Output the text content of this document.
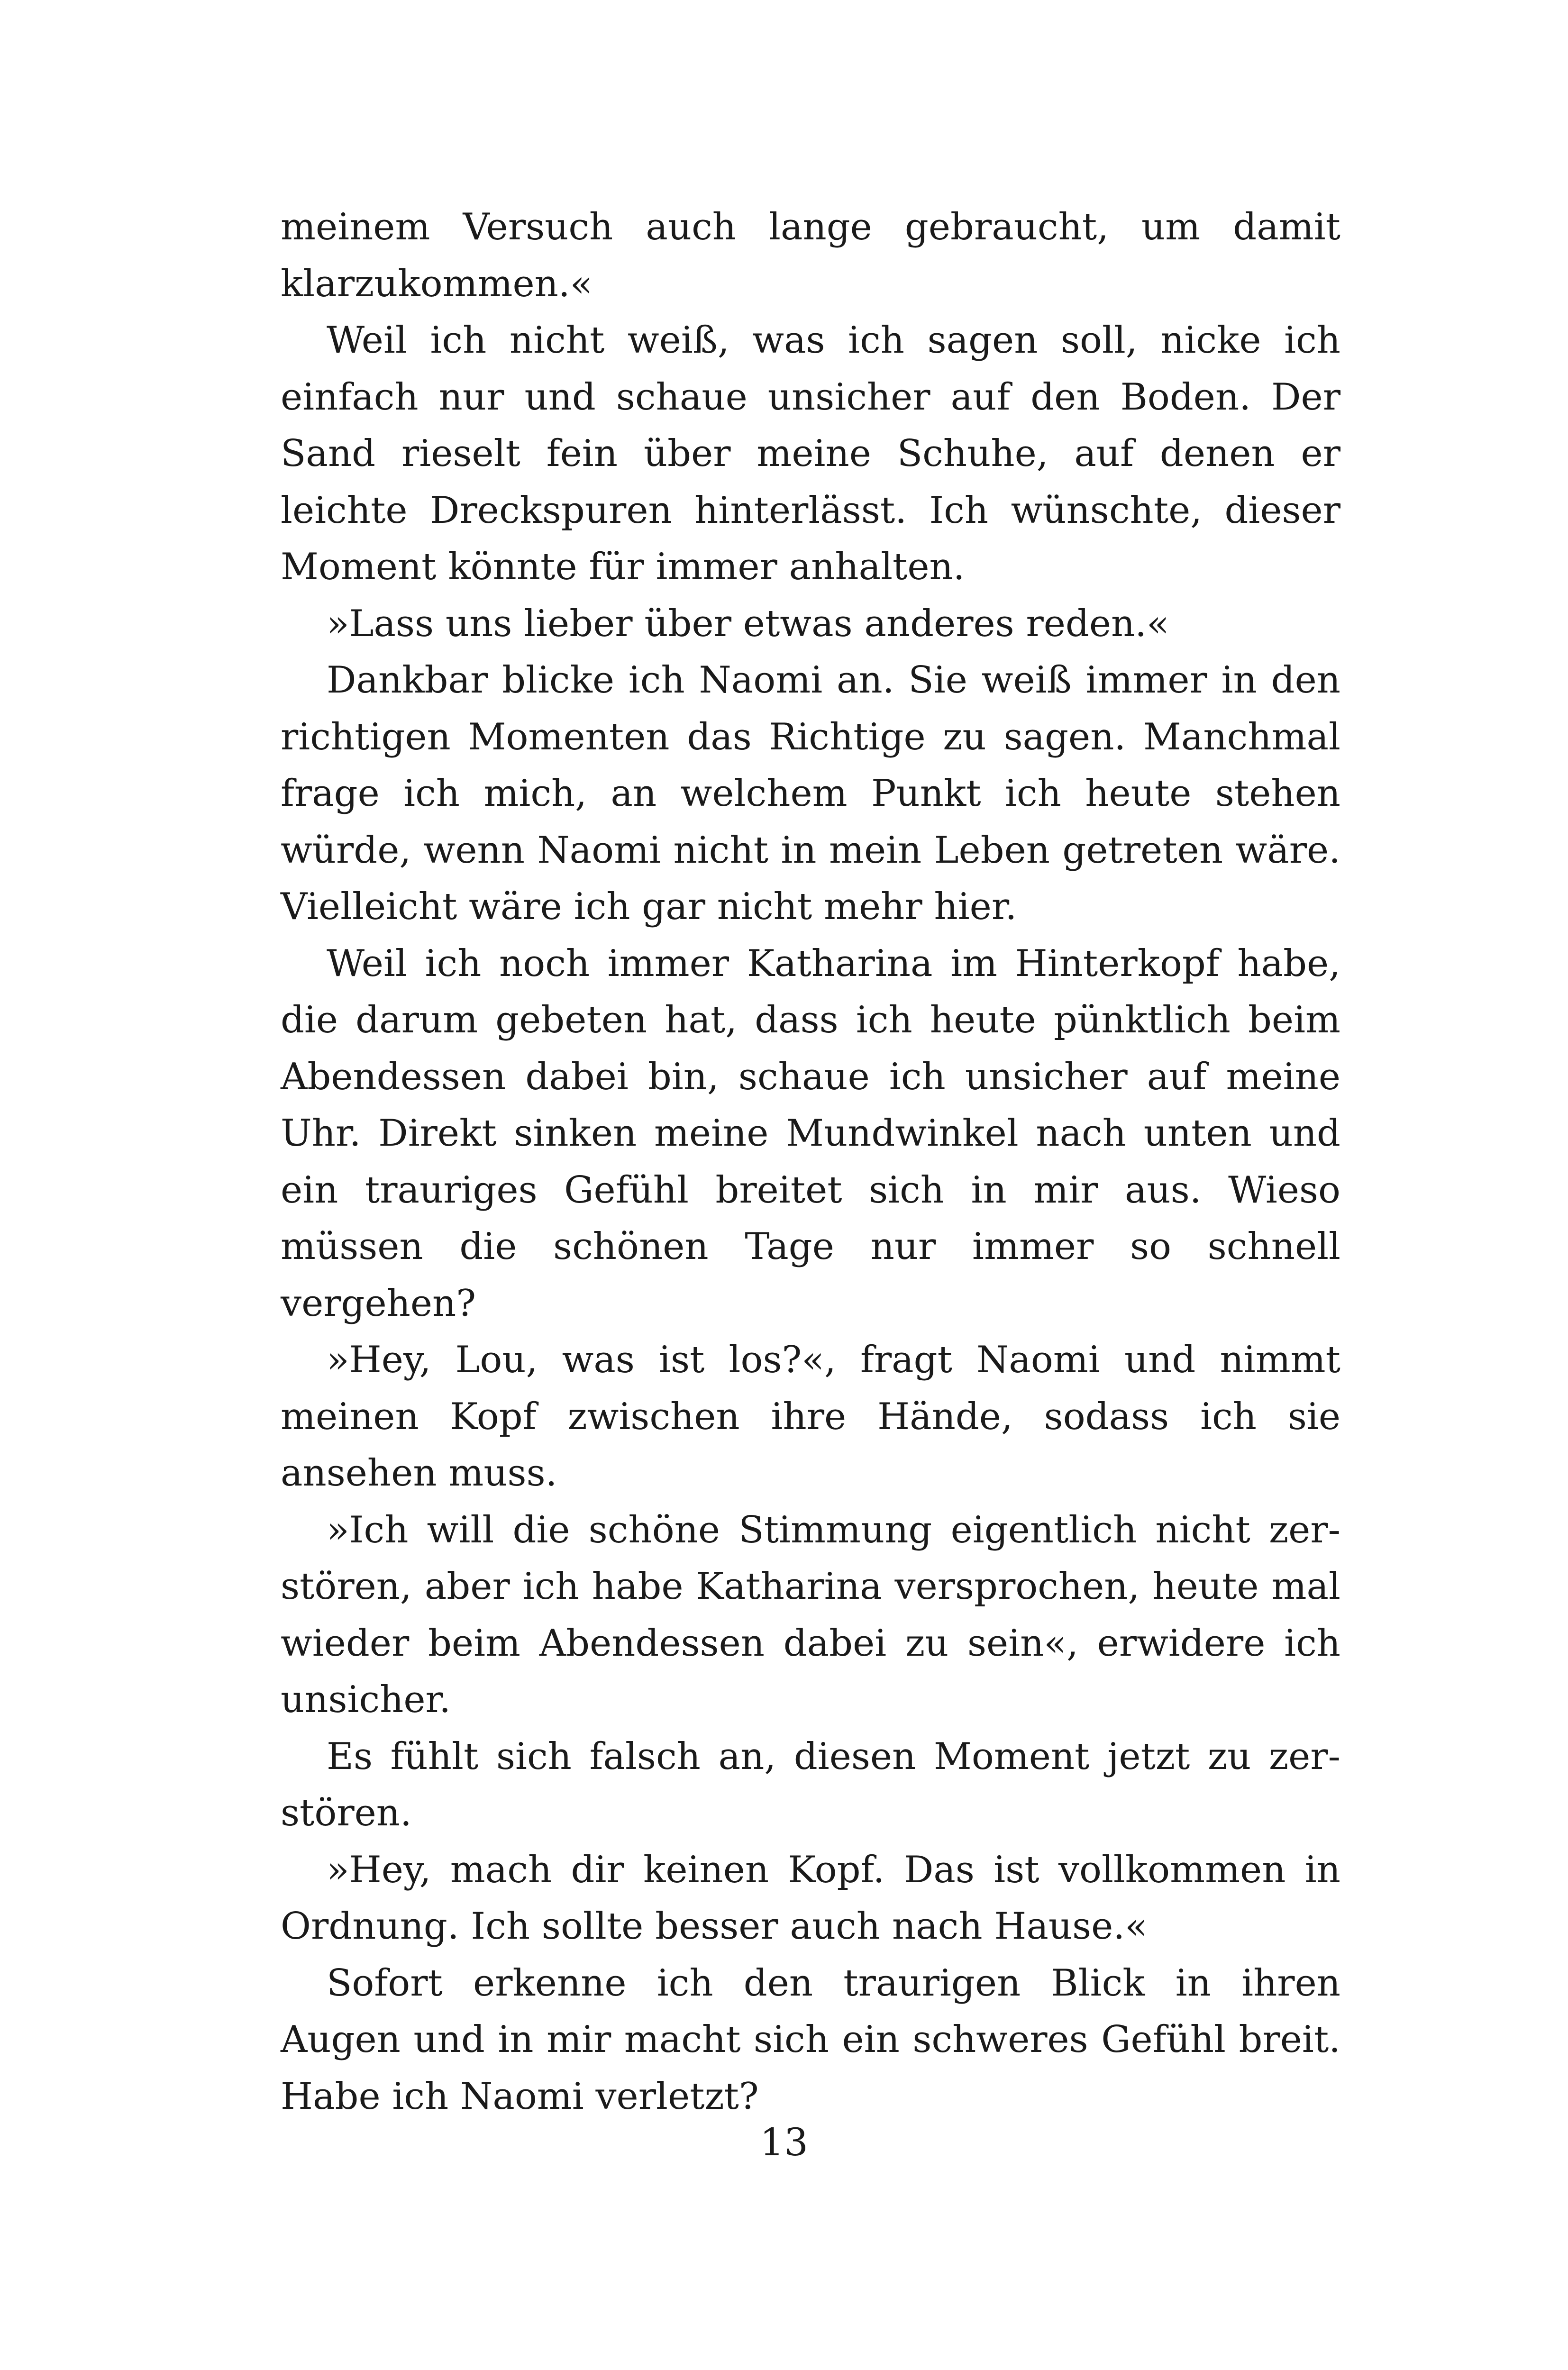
meinem Versuch auch lange gebraucht, um damit klarzukommen.«

Weil ich nicht weiß, was ich sagen soll, nicke ich einfach nur und schaue unsicher auf den Boden. Der Sand rieselt fein über meine Schuhe, auf denen er leichte Dreckspuren hinterlässt. Ich wünschte, dieser Moment könnte für immer anhalten.

»Lass uns lieber über etwas anderes reden.«

Dankbar blicke ich Naomi an. Sie weiß immer in den richtigen Momenten das Richtige zu sagen. Manchmal frage ich mich, an welchem Punkt ich heute stehen würde, wenn Naomi nicht in mein Leben getreten wäre. Vielleicht wäre ich gar nicht mehr hier.

Weil ich noch immer Katharina im Hinterkopf habe, die darum gebeten hat, dass ich heute pünktlich beim Abendessen dabei bin, schaue ich unsicher auf meine Uhr. Direkt sinken meine Mundwinkel nach unten und ein trauriges Gefühl breitet sich in mir aus. Wieso müssen die schönen Tage nur immer so schnell vergehen?

»Hey, Lou, was ist los?«, fragt Naomi und nimmt meinen Kopf zwischen ihre Hände, sodass ich sie ansehen muss.

»Ich will die schöne Stimmung eigentlich nicht zerstören, aber ich habe Katharina versprochen, heute mal wieder beim Abendessen dabei zu sein«, erwidere ich unsicher.

Es fühlt sich falsch an, diesen Moment jetzt zu zerstören.

»Hey, mach dir keinen Kopf. Das ist vollkommen in Ordnung. Ich sollte besser auch nach Hause.«

Sofort erkenne ich den traurigen Blick in ihren Augen und in mir macht sich ein schweres Gefühl breit. Habe ich Naomi verletzt?

13
